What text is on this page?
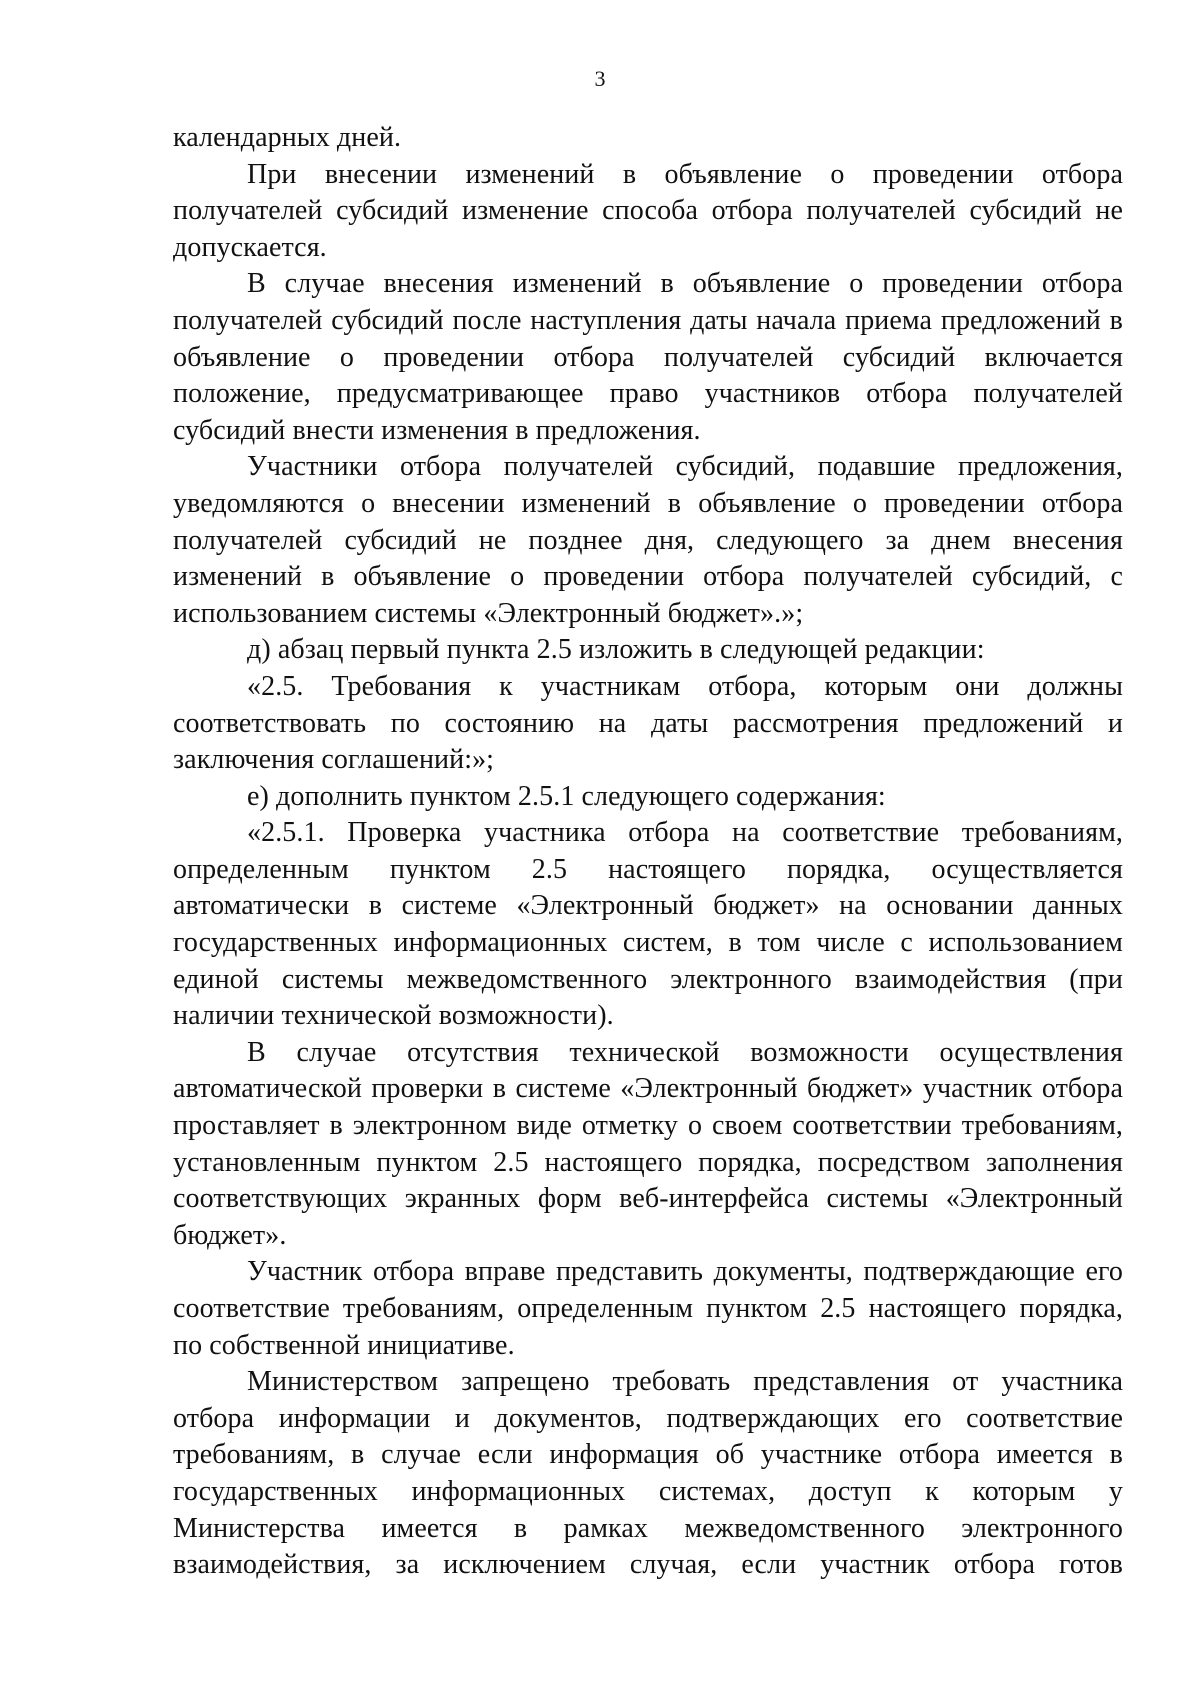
3

календарных дней.

При внесении изменений в объявление о проведении отбора получателей субсидий изменение способа отбора получателей субсидий не допускается.

В случае внесения изменений в объявление о проведении отбора получателей субсидий после наступления даты начала приема предложений в объявление о проведении отбора получателей субсидий включается положение, предусматривающее право участников отбора получателей субсидий внести изменения в предложения.

Участники отбора получателей субсидий, подавшие предложения, уведомляются о внесении изменений в объявление о проведении отбора получателей субсидий не позднее дня, следующего за днем внесения изменений в объявление о проведении отбора получателей субсидий, с использованием системы «Электронный бюджет».»;

д) абзац первый пункта 2.5 изложить в следующей редакции:

«2.5. Требования к участникам отбора, которым они должны соответствовать по состоянию на даты рассмотрения предложений и заключения соглашений:»;

е) дополнить пунктом 2.5.1 следующего содержания:

«2.5.1. Проверка участника отбора на соответствие требованиям, определенным пунктом 2.5 настоящего порядка, осуществляется автоматически в системе «Электронный бюджет» на основании данных государственных информационных систем, в том числе с использованием единой системы межведомственного электронного взаимодействия (при наличии технической возможности).

В случае отсутствия технической возможности осуществления автоматической проверки в системе «Электронный бюджет» участник отбора проставляет в электронном виде отметку о своем соответствии требованиям, установленным пунктом 2.5 настоящего порядка, посредством заполнения соответствующих экранных форм веб-интерфейса системы «Электронный бюджет».

Участник отбора вправе представить документы, подтверждающие его соответствие требованиям, определенным пунктом 2.5 настоящего порядка, по собственной инициативе.

Министерством запрещено требовать представления от участника отбора информации и документов, подтверждающих его соответствие требованиям, в случае если информация об участнике отбора имеется в государственных информационных системах, доступ к которым у Министерства имеется в рамках межведомственного электронного взаимодействия, за исключением случая, если участник отбора готов
